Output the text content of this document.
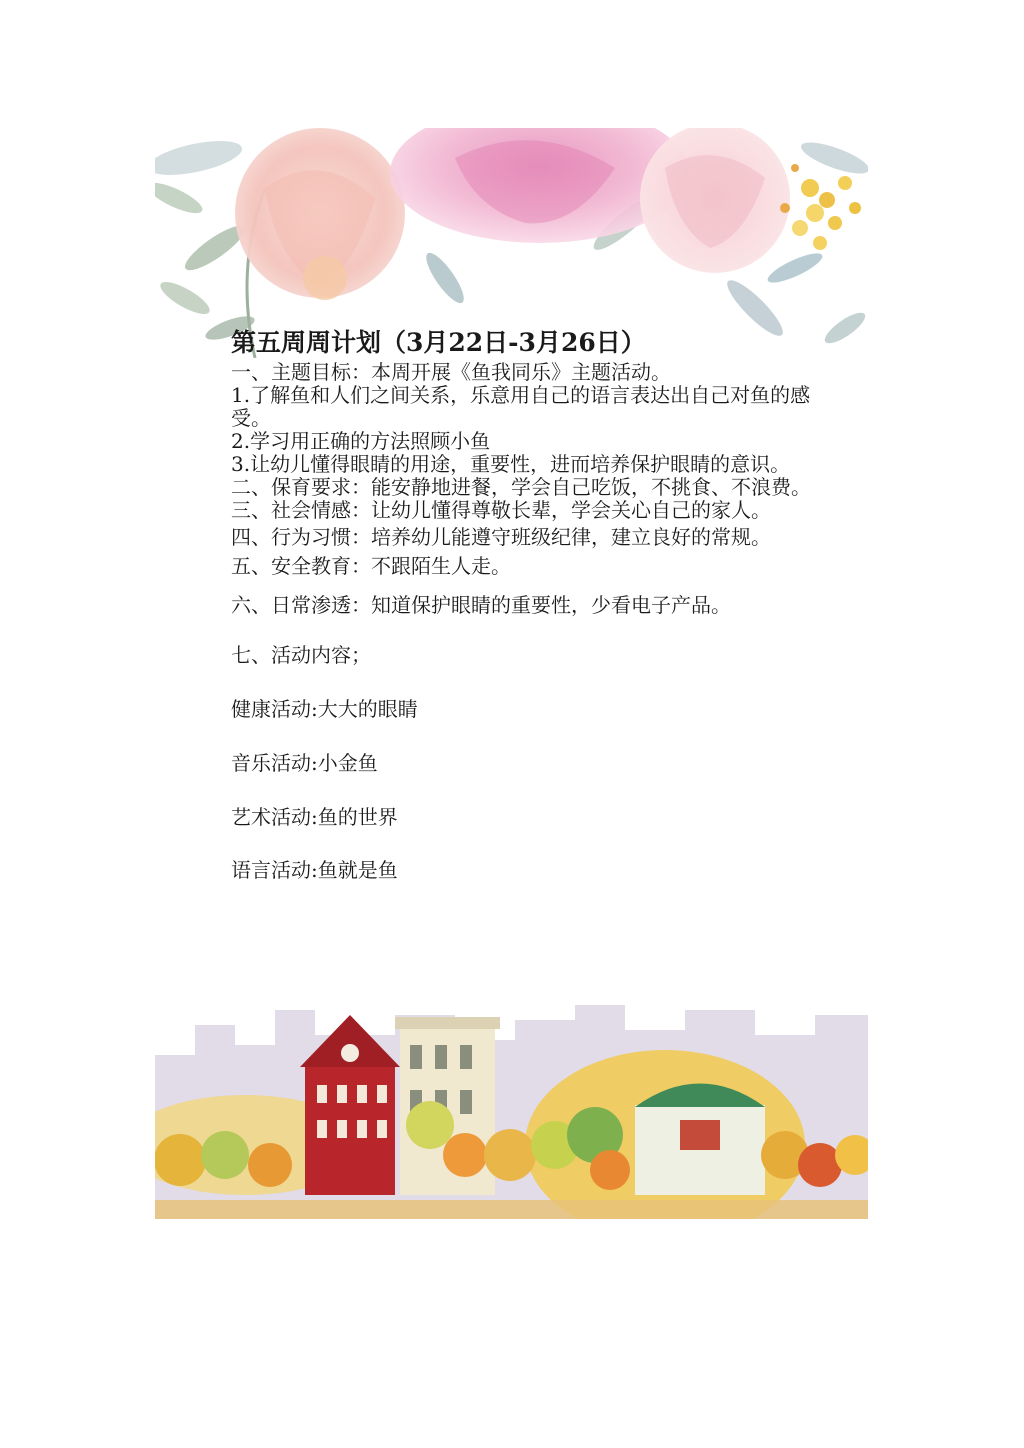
第五周周计划（3月22日-3月26日）

一、主题目标：本周开展《鱼我同乐》主题活动。

1.了解鱼和人们之间关系，乐意用自己的语言表达出自己对鱼的感受。

2.学习用正确的方法照顾小鱼

3.让幼儿懂得眼睛的用途，重要性，进而培养保护眼睛的意识。

二、保育要求：能安静地进餐，学会自己吃饭，不挑食、不浪费。

三、社会情感：让幼儿懂得尊敬长辈，学会关心自己的家人。

四、行为习惯：培养幼儿能遵守班级纪律，建立良好的常规。

五、安全教育：不跟陌生人走。

六、日常渗透：知道保护眼睛的重要性，少看电子产品。

七、活动内容；

健康活动:大大的眼睛

音乐活动:小金鱼

艺术活动:鱼的世界

语言活动:鱼就是鱼
